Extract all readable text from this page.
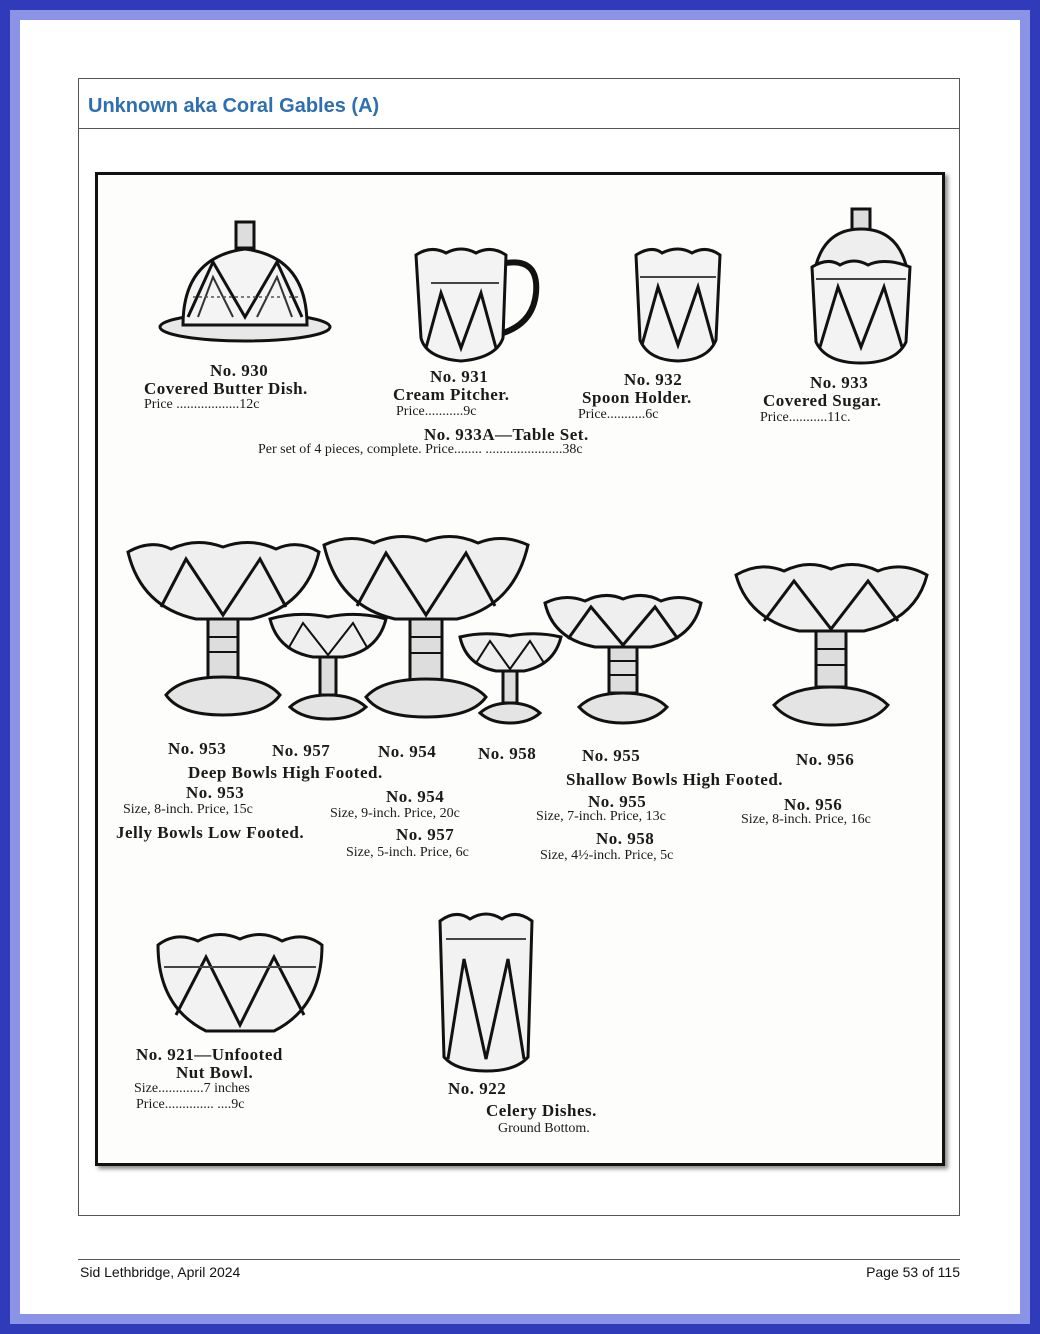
Unknown aka Coral Gables (A)
No. 930
Covered Butter Dish.
Price ..................12c
No. 931
Cream Pitcher.
Price...........9c
No. 932
Spoon Holder.
Price...........6c
No. 933
Covered Sugar.
Price...........11c.
No. 933A—Table Set.
Per set of 4 pieces, complete. Price........ ......................38c
No. 953	No. 957	No. 954 No. 958	No. 955	No. 956
Deep Bowls High Footed.	Shallow Bowls High Footed.
No. 953	No. 954	No. 955	No. 956
Size, 8-inch. Price, 15c	Size, 9-inch. Price, 20c	Size, 7-inch. Price, 13c	Size, 8-inch. Price, 16c
Jelly Bowls Low Footed.	No. 957	No. 958
Size, 5-inch. Price, 6c	Size, 4½-inch. Price, 5c
No. 921—Unfooted
Nut Bowl.
Size.............7 inches
Price.............. ....9c
No. 922
Celery Dishes.
Ground Bottom.
Sid Lethbridge, April 2024	Page 53 of 115
